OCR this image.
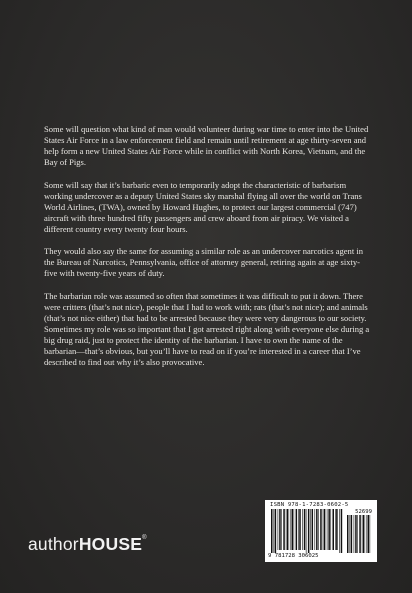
Some will question what kind of man would volunteer during war time to enter into the United States Air Force in a law enforcement field and remain until retirement at age thirty-seven and help form a new United States Air Force while in conflict with North Korea, Vietnam, and the Bay of Pigs.

Some will say that it’s barbaric even to temporarily adopt the characteristic of barbarism working undercover as a deputy United States sky marshal flying all over the world on Trans World Airlines, (TWA), owned by Howard Hughes, to protect our largest commercial (747) aircraft with three hundred fifty passengers and crew aboard from air piracy. We visited a different country every twenty four hours.

They would also say the same for assuming a similar role as an undercover narcotics agent in the Bureau of Narcotics, Pennsylvania, office of attorney general, retiring again at age sixty-five with twenty-five years of duty.

The barbarian role was assumed so often that sometimes it was difficult to put it down. There were critters (that’s not nice), people that I had to work with; rats (that’s not nice); and animals (that’s not nice either) that had to be arrested because they were very dangerous to our society. Sometimes my role was so important that I got arrested right along with everyone else during a big drug raid, just to protect the identity of the barbarian. I have to own the name of the barbarian—that’s obvious, but you’ll have to read on if you’re interested in a career that I’ve described to find out why it’s also provocative.

authorHOUSE®
ISBN 978-1-7283-0602-5
52699
9 781728 306025
